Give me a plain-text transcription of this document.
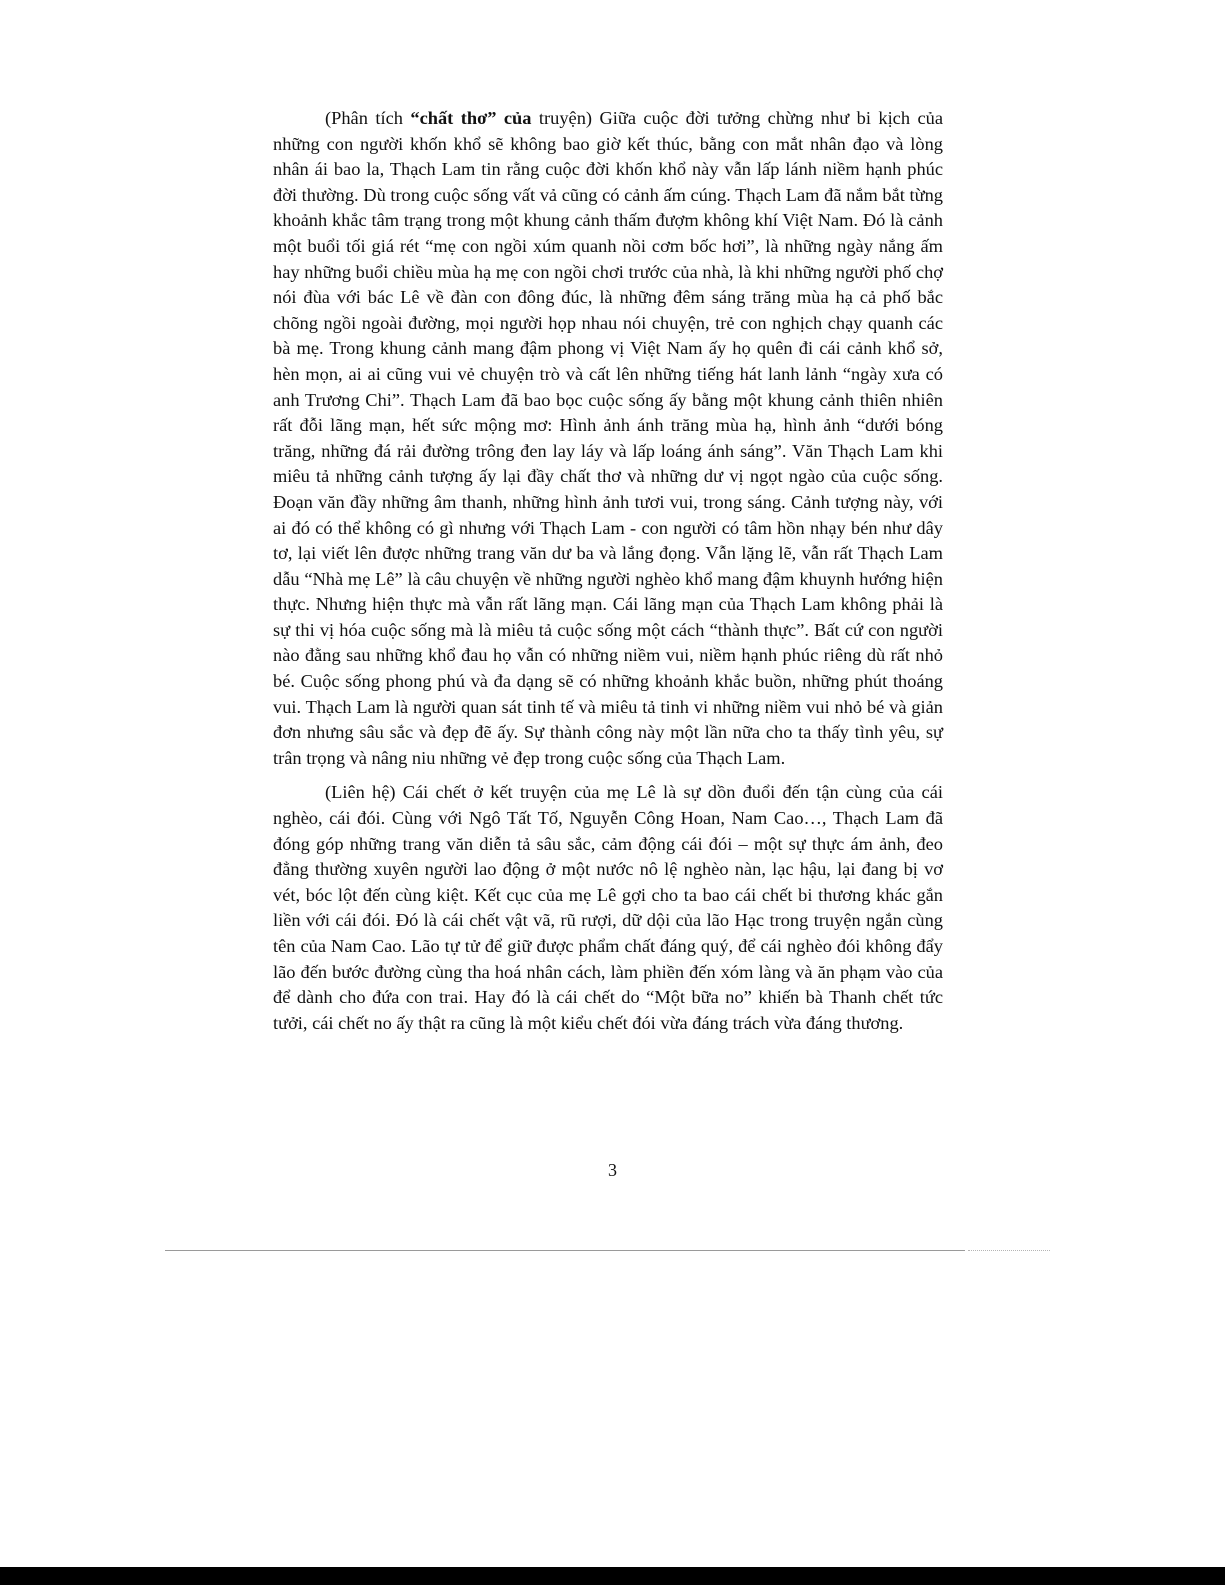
(Phân tích “chất thơ” của truyện) Giữa cuộc đời tưởng chừng như bi kịch của những con người khốn khổ sẽ không bao giờ kết thúc, bằng con mắt nhân đạo và lòng nhân ái bao la, Thạch Lam tin rằng cuộc đời khốn khổ này vẫn lấp lánh niềm hạnh phúc đời thường. Dù trong cuộc sống vất vả cũng có cảnh ấm cúng. Thạch Lam đã nắm bắt từng khoảnh khắc tâm trạng trong một khung cảnh thấm đượm không khí Việt Nam. Đó là cảnh một buổi tối giá rét “mẹ con ngồi xúm quanh nồi cơm bốc hơi”, là những ngày nắng ấm hay những buổi chiều mùa hạ mẹ con ngồi chơi trước của nhà, là khi những người phố chợ nói đùa với bác Lê về đàn con đông đúc, là những đêm sáng trăng mùa hạ cả phố bắc chõng ngồi ngoài đường, mọi người họp nhau nói chuyện, trẻ con nghịch chạy quanh các bà mẹ. Trong khung cảnh mang đậm phong vị Việt Nam ấy họ quên đi cái cảnh khổ sở, hèn mọn, ai ai cũng vui vẻ chuyện trò và cất lên những tiếng hát lanh lảnh “ngày xưa có anh Trương Chi”. Thạch Lam đã bao bọc cuộc sống ấy bằng một khung cảnh thiên nhiên rất đỗi lãng mạn, hết sức mộng mơ: Hình ảnh ánh trăng mùa hạ, hình ảnh “dưới bóng trăng, những đá rải đường trông đen lay láy và lấp loáng ánh sáng”. Văn Thạch Lam khi miêu tả những cảnh tượng ấy lại đầy chất thơ và những dư vị ngọt ngào của cuộc sống. Đoạn văn đầy những âm thanh, những hình ảnh tươi vui, trong sáng. Cảnh tượng này, với ai đó có thể không có gì nhưng với Thạch Lam - con người có tâm hồn nhạy bén như dây tơ, lại viết lên được những trang văn dư ba và lắng đọng. Vẫn lặng lẽ, vẫn rất Thạch Lam dẫu “Nhà mẹ Lê” là câu chuyện về những người nghèo khổ mang đậm khuynh hướng hiện thực. Nhưng hiện thực mà vẫn rất lãng mạn. Cái lãng mạn của Thạch Lam không phải là sự thi vị hóa cuộc sống mà là miêu tả cuộc sống một cách “thành thực”. Bất cứ con người nào đằng sau những khổ đau họ vẫn có những niềm vui, niềm hạnh phúc riêng dù rất nhỏ bé. Cuộc sống phong phú và đa dạng sẽ có những khoảnh khắc buồn, những phút thoáng vui. Thạch Lam là người quan sát tinh tế và miêu tả tinh vi những niềm vui nhỏ bé và giản đơn nhưng sâu sắc và đẹp đẽ ấy. Sự thành công này một lần nữa cho ta thấy tình yêu, sự trân trọng và nâng niu những vẻ đẹp trong cuộc sống của Thạch Lam.

(Liên hệ) Cái chết ở kết truyện của mẹ Lê là sự dồn đuổi đến tận cùng của cái nghèo, cái đói. Cùng với Ngô Tất Tố, Nguyễn Công Hoan, Nam Cao…, Thạch Lam đã đóng góp những trang văn diễn tả sâu sắc, cảm động cái đói – một sự thực ám ảnh, đeo đẳng thường xuyên người lao động ở một nước nô lệ nghèo nàn, lạc hậu, lại đang bị vơ vét, bóc lột đến cùng kiệt. Kết cục của mẹ Lê gợi cho ta bao cái chết bi thương khác gắn liền với cái đói. Đó là cái chết vật vã, rũ rượi, dữ dội của lão Hạc trong truyện ngắn cùng tên của Nam Cao. Lão tự tử để giữ được phẩm chất đáng quý, để cái nghèo đói không đẩy lão đến bước đường cùng tha hoá nhân cách, làm phiền đến xóm làng và ăn phạm vào của để dành cho đứa con trai. Hay đó là cái chết do “Một bữa no” khiến bà Thanh chết tức tưởi, cái chết no ấy thật ra cũng là một kiểu chết đói vừa đáng trách vừa đáng thương.

3
